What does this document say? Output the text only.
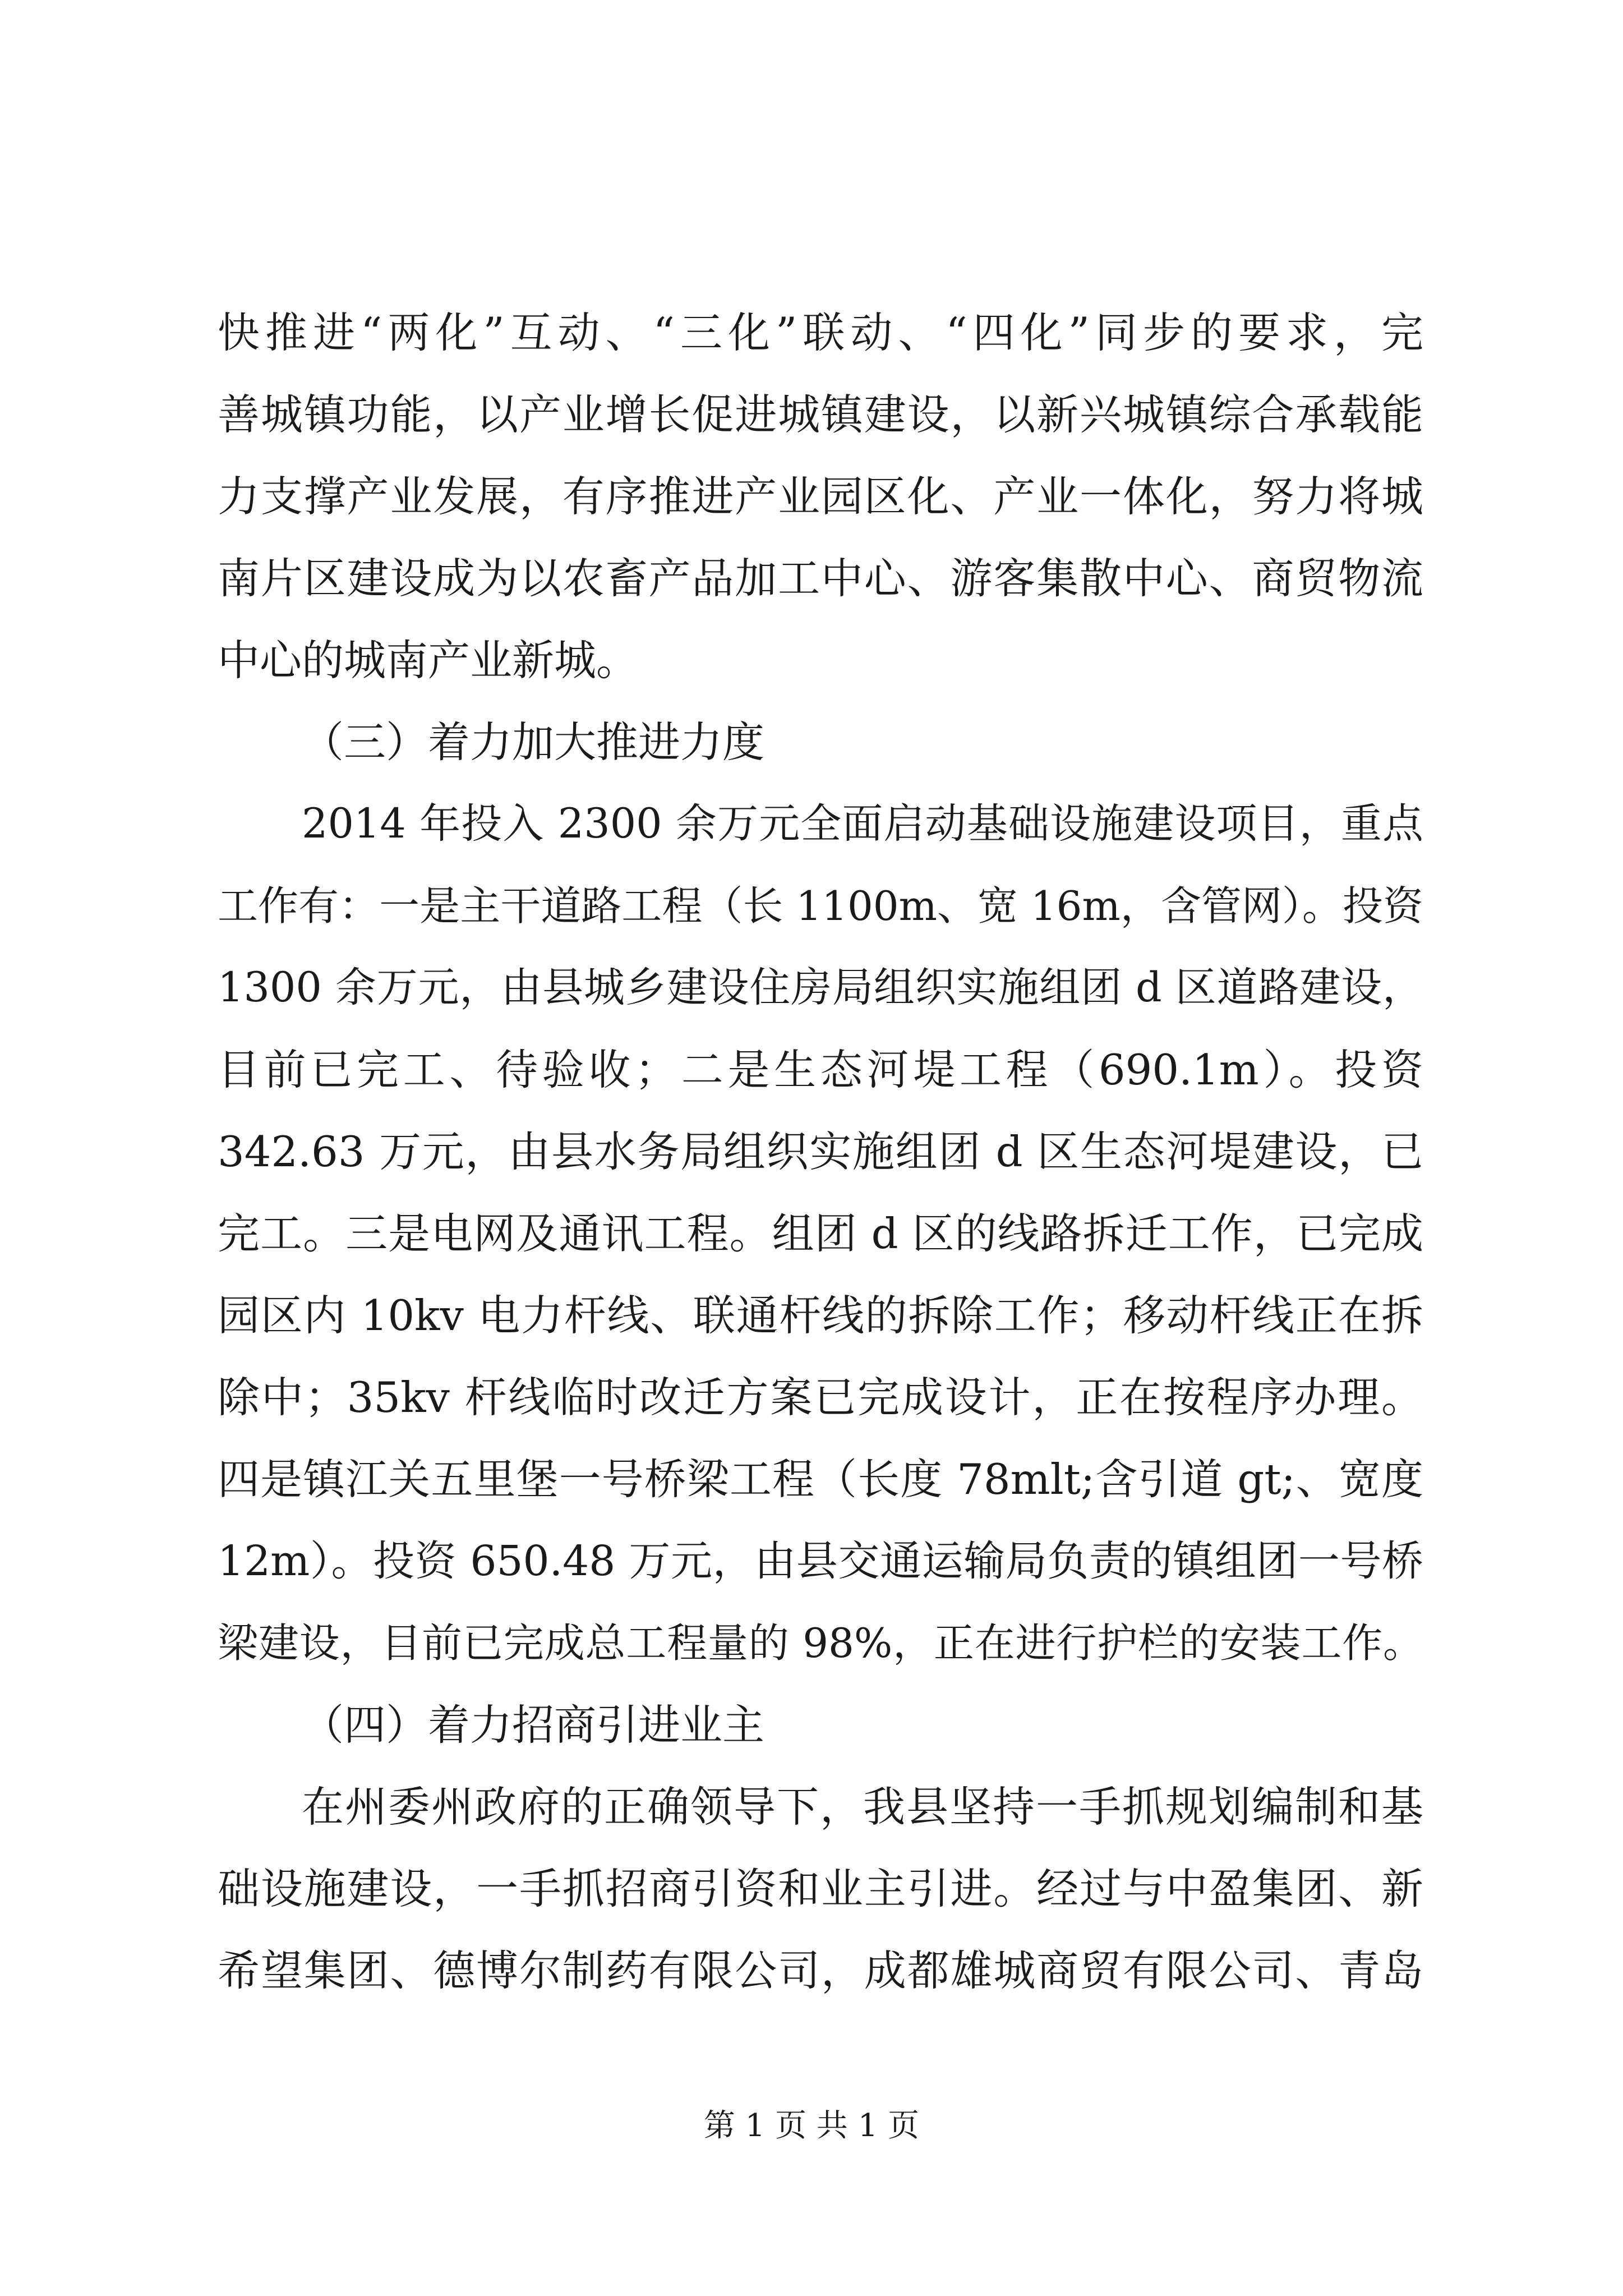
快推进“两化”互动、“三化”联动、“四化”同步的要求，完
善城镇功能，以产业增长促进城镇建设，以新兴城镇综合承载能
力支撑产业发展，有序推进产业园区化、产业一体化，努力将城
南片区建设成为以农畜产品加工中心、游客集散中心、商贸物流
中心的城南产业新城。
（三）着力加大推进力度
2014 年投入 2300 余万元全面启动基础设施建设项目，重点
工作有：一是主干道路工程（长 1100m、宽 16m，含管网）。投资
1300 余万元，由县城乡建设住房局组织实施组团 d 区道路建设，
目前已完工、待验收；二是生态河堤工程（690.1m）。投资
342.63 万元，由县水务局组织实施组团 d 区生态河堤建设，已
完工。三是电网及通讯工程。组团 d 区的线路拆迁工作，已完成
园区内 10kv 电力杆线、联通杆线的拆除工作；移动杆线正在拆
除中；35kv 杆线临时改迁方案已完成设计，正在按程序办理。
四是镇江关五里堡一号桥梁工程（长度 78mlt;含引道 gt;、宽度
12m）。投资 650.48 万元，由县交通运输局负责的镇组团一号桥
梁建设，目前已完成总工程量的 98%，正在进行护栏的安装工作。
（四）着力招商引进业主
在州委州政府的正确领导下，我县坚持一手抓规划编制和基
础设施建设，一手抓招商引资和业主引进。经过与中盈集团、新
希望集团、德博尔制药有限公司，成都雄城商贸有限公司、青岛
第 1 页 共 1 页
